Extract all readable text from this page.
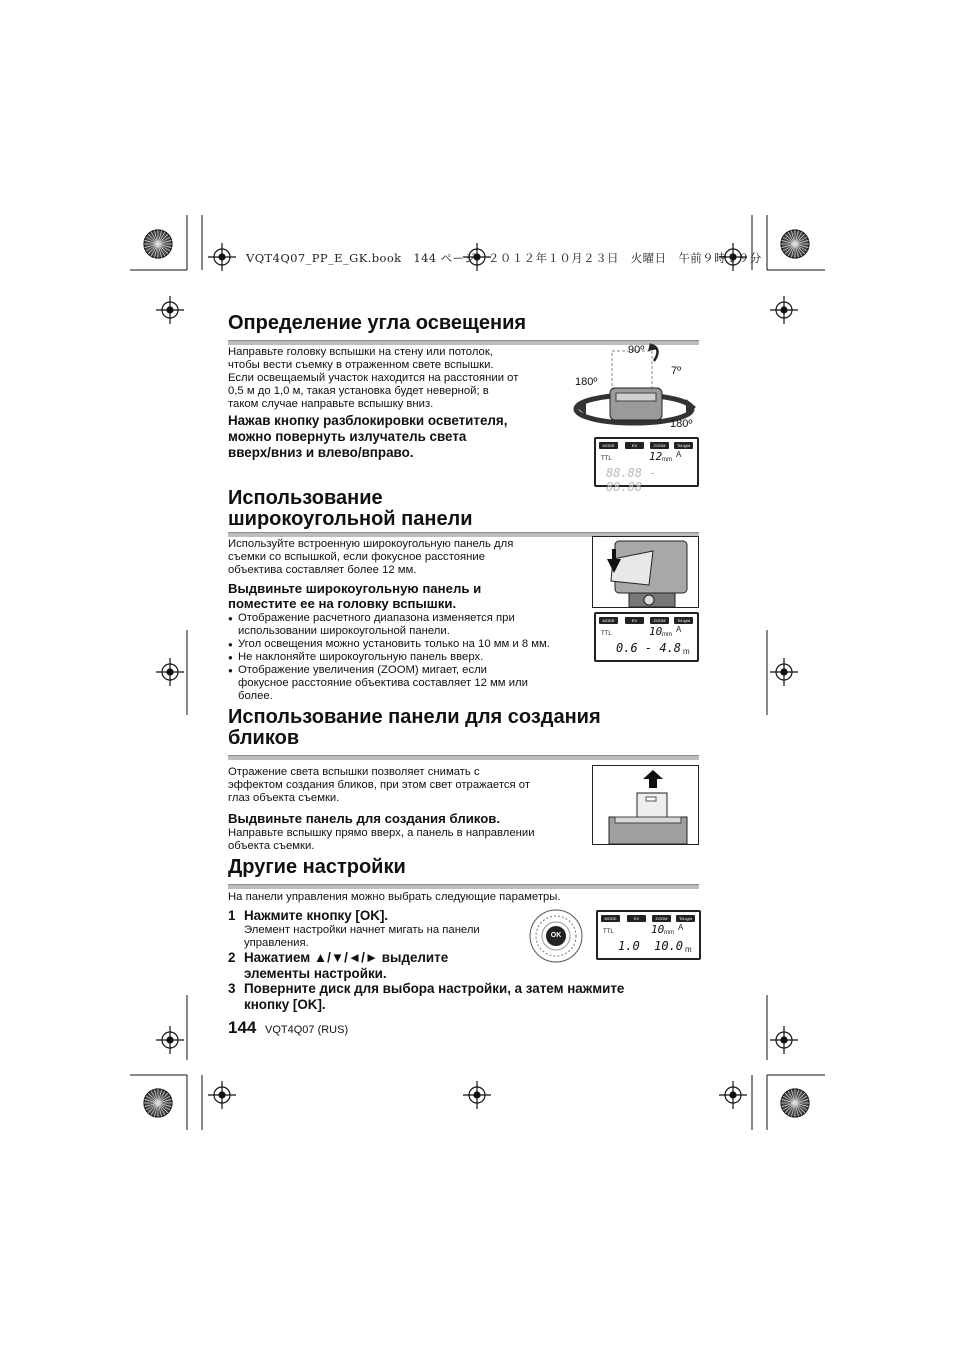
VQT4Q07_PP_E_GK.book　144 ページ　２０１２年１０月２３日　火曜日　午前９時１９分
Определение угла освещения

Направьте головку вспышки на стену или потолок,
чтобы вести съемку в отраженном свете вспышки.
Если освещаемый участок находится на расстоянии от
0,5 м до 1,0 м, такая установка будет неверной; в
таком случае направьте вспышку вниз.

Нажав кнопку разблокировки осветителя,
можно повернуть излучатель света
вверх/вниз и влево/вправо.

90º
7º
180º
180º
MODE	EV	ZOOM	Ti/Light
TTL	12 mm
A
88.88 - 88.88
Использование
широкоугольной панели

Используйте встроенную широкоугольную панель для
съемки со вспышкой, если фокусное расстояние
объектива составляет более 12 мм.

Выдвиньте широкоугольную панель и
поместите ее на головку вспышки.

● Отображение расчетного диапазона изменяется при
использовании широкоугольной панели.
● Угол освещения можно установить только на 10 мм и 8 мм.
● Не наклоняйте широкоугольную панель вверх.
● Отображение увеличения (ZOOM) мигает, если
фокусное расстояние объектива составляет 12 мм или
более.
MODE	EV	ZOOM	Ti/Light
TTL	10 mm
A
0.6 - 4.8 m
Использование панели для создания
бликов

Отражение света вспышки позволяет снимать с
эффектом создания бликов, при этом свет отражается от
глаз объекта съемки.

Выдвиньте панель для создания бликов.

Направьте вспышку прямо вверх, а панель в направлении
объекта съемки.

Другие настройки

На панели управления можно выбрать следующие параметры.

1 Нажмите кнопку [OK].
Элемент настройки начнет мигать на панели
управления.
2 Нажатием ▲/▼/◄/► выделите
элементы настройки.
3 Поверните диск для выбора настройки, а затем нажмите
кнопку [OK].
OK
MODE	EV	ZOOM	Ti/Light
TTL	10 mm
A
1.0  10.0 m
144 VQT4Q07 (RUS)
